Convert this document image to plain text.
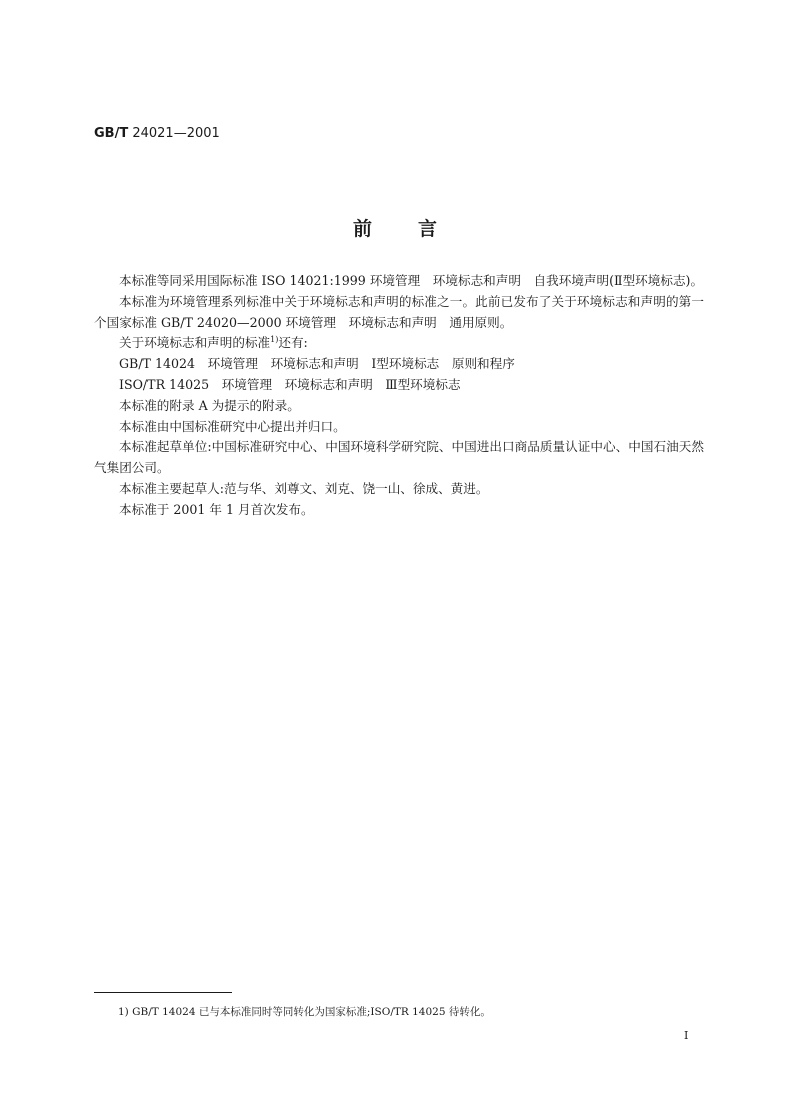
GB/T 24021—2001
前 言

本标准等同采用国际标准 ISO 14021:1999 环境管理　环境标志和声明　自我环境声明(Ⅱ型环境标志)。

本标准为环境管理系列标准中关于环境标志和声明的标准之一。此前已发布了关于环境标志和声明的第一个国家标准 GB/T 24020—2000 环境管理　环境标志和声明　通用原则。

关于环境标志和声明的标准$^{1)}$还有:

GB/T 14024　环境管理　环境标志和声明　Ⅰ型环境标志　原则和程序

ISO/TR 14025　环境管理　环境标志和声明　Ⅲ型环境标志

本标准的附录 A 为提示的附录。

本标准由中国标准研究中心提出并归口。

本标准起草单位:中国标准研究中心、中国环境科学研究院、中国进出口商品质量认证中心、中国石油天然气集团公司。

本标准主要起草人:范与华、刘尊文、刘克、饶一山、徐成、黄进。

本标准于 2001 年 1 月首次发布。

1) GB/T 14024 已与本标准同时等同转化为国家标准;ISO/TR 14025 待转化。
I
